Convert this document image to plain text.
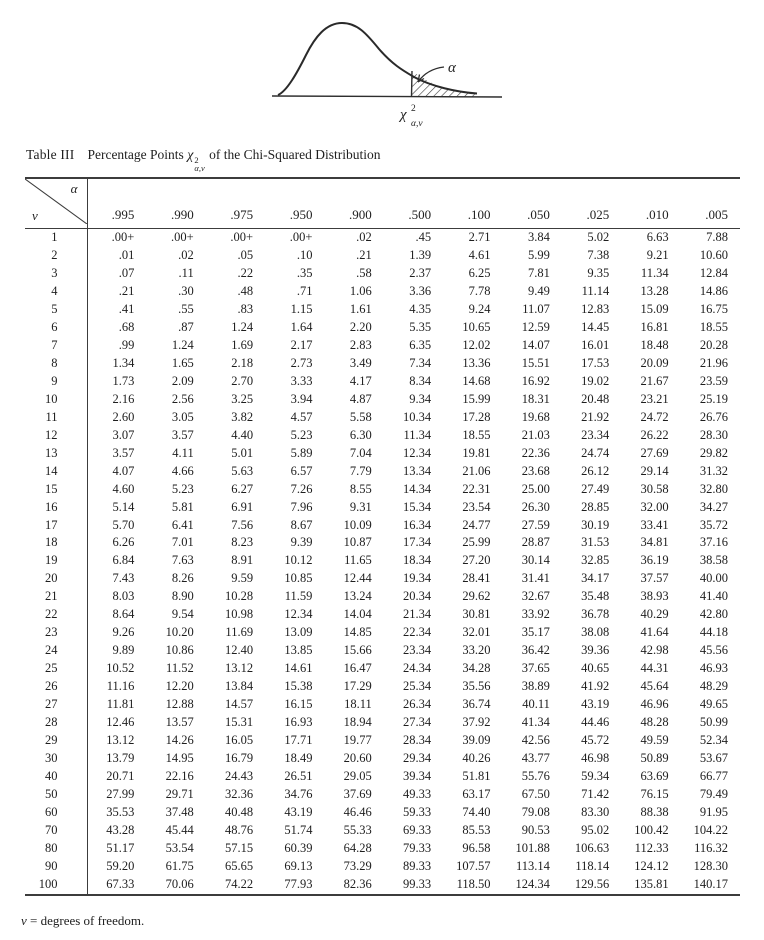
α
χ 2
α,ν
Table III Percentage Points χ 2
α,ν
of the Chi-Squared Distribution
α
ν	.995	.990	.975	.950	.900	.500	.100	.050	.025	.010	.005
1	.00+	.00+	.00+	.00+	.02	.45	2.71	3.84	5.02	6.63	7.88
2	.01	.02	.05	.10	.21	1.39	4.61	5.99	7.38	9.21	10.60
3	.07	.11	.22	.35	.58	2.37	6.25	7.81	9.35	11.34	12.84
4	.21	.30	.48	.71	1.06	3.36	7.78	9.49	11.14	13.28	14.86
5	.41	.55	.83	1.15	1.61	4.35	9.24	11.07	12.83	15.09	16.75
6	.68	.87	1.24	1.64	2.20	5.35	10.65	12.59	14.45	16.81	18.55
7	.99	1.24	1.69	2.17	2.83	6.35	12.02	14.07	16.01	18.48	20.28
8	1.34	1.65	2.18	2.73	3.49	7.34	13.36	15.51	17.53	20.09	21.96
9	1.73	2.09	2.70	3.33	4.17	8.34	14.68	16.92	19.02	21.67	23.59
10	2.16	2.56	3.25	3.94	4.87	9.34	15.99	18.31	20.48	23.21	25.19
11	2.60	3.05	3.82	4.57	5.58	10.34	17.28	19.68	21.92	24.72	26.76
12	3.07	3.57	4.40	5.23	6.30	11.34	18.55	21.03	23.34	26.22	28.30
13	3.57	4.11	5.01	5.89	7.04	12.34	19.81	22.36	24.74	27.69	29.82
14	4.07	4.66	5.63	6.57	7.79	13.34	21.06	23.68	26.12	29.14	31.32
15	4.60	5.23	6.27	7.26	8.55	14.34	22.31	25.00	27.49	30.58	32.80
16	5.14	5.81	6.91	7.96	9.31	15.34	23.54	26.30	28.85	32.00	34.27
17	5.70	6.41	7.56	8.67	10.09	16.34	24.77	27.59	30.19	33.41	35.72
18	6.26	7.01	8.23	9.39	10.87	17.34	25.99	28.87	31.53	34.81	37.16
19	6.84	7.63	8.91	10.12	11.65	18.34	27.20	30.14	32.85	36.19	38.58
20	7.43	8.26	9.59	10.85	12.44	19.34	28.41	31.41	34.17	37.57	40.00
21	8.03	8.90	10.28	11.59	13.24	20.34	29.62	32.67	35.48	38.93	41.40
22	8.64	9.54	10.98	12.34	14.04	21.34	30.81	33.92	36.78	40.29	42.80
23	9.26	10.20	11.69	13.09	14.85	22.34	32.01	35.17	38.08	41.64	44.18
24	9.89	10.86	12.40	13.85	15.66	23.34	33.20	36.42	39.36	42.98	45.56
25	10.52	11.52	13.12	14.61	16.47	24.34	34.28	37.65	40.65	44.31	46.93
26	11.16	12.20	13.84	15.38	17.29	25.34	35.56	38.89	41.92	45.64	48.29
27	11.81	12.88	14.57	16.15	18.11	26.34	36.74	40.11	43.19	46.96	49.65
28	12.46	13.57	15.31	16.93	18.94	27.34	37.92	41.34	44.46	48.28	50.99
29	13.12	14.26	16.05	17.71	19.77	28.34	39.09	42.56	45.72	49.59	52.34
30	13.79	14.95	16.79	18.49	20.60	29.34	40.26	43.77	46.98	50.89	53.67
40	20.71	22.16	24.43	26.51	29.05	39.34	51.81	55.76	59.34	63.69	66.77
50	27.99	29.71	32.36	34.76	37.69	49.33	63.17	67.50	71.42	76.15	79.49
60	35.53	37.48	40.48	43.19	46.46	59.33	74.40	79.08	83.30	88.38	91.95
70	43.28	45.44	48.76	51.74	55.33	69.33	85.53	90.53	95.02	100.42	104.22
80	51.17	53.54	57.15	60.39	64.28	79.33	96.58	101.88	106.63	112.33	116.32
90	59.20	61.75	65.65	69.13	73.29	89.33	107.57	113.14	118.14	124.12	128.30
100	67.33	70.06	74.22	77.93	82.36	99.33	118.50	124.34	129.56	135.81	140.17
ν = degrees of freedom.
